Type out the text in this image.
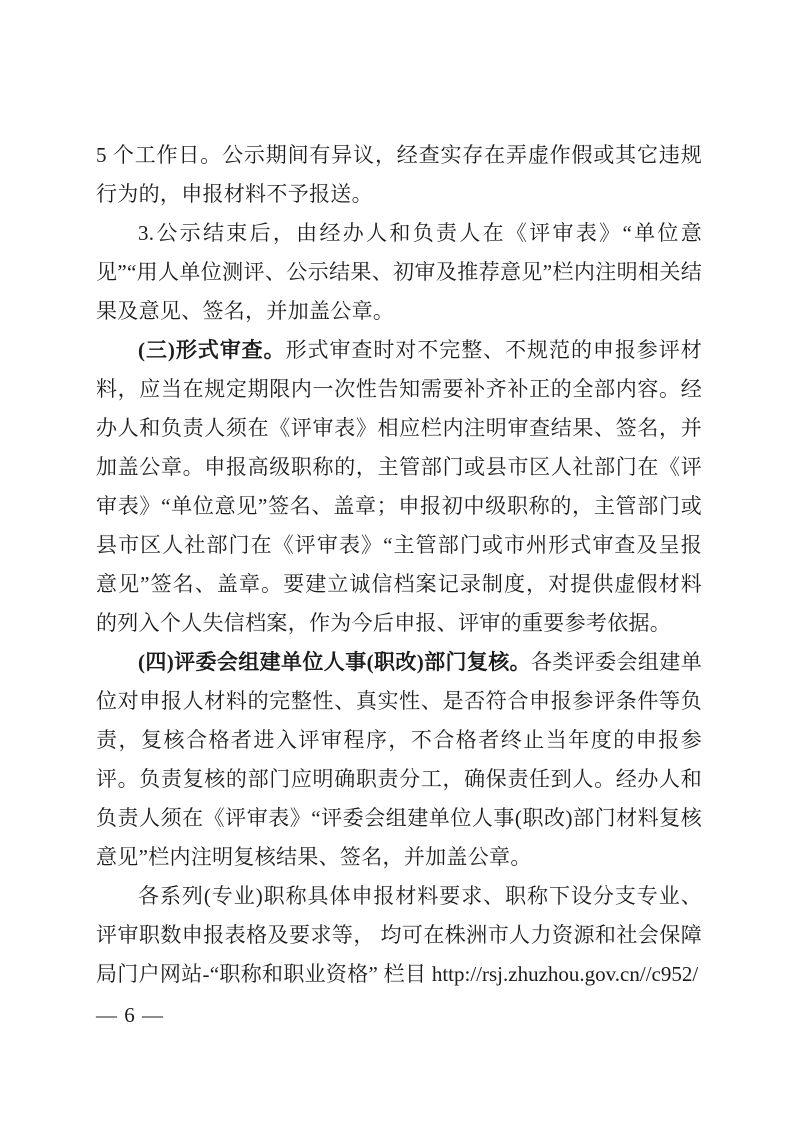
5 个工作日。公示期间有异议，经查实存在弄虚作假或其它违规行为的，申报材料不予报送。

3.公示结束后，由经办人和负责人在《评审表》“单位意见”“用人单位测评、公示结果、初审及推荐意见”栏内注明相关结果及意见、签名，并加盖公章。

(三)形式审查。形式审查时对不完整、不规范的申报参评材料，应当在规定期限内一次性告知需要补齐补正的全部内容。经办人和负责人须在《评审表》相应栏内注明审查结果、签名，并加盖公章。申报高级职称的，主管部门或县市区人社部门在《评审表》“单位意见”签名、盖章；申报初中级职称的，主管部门或县市区人社部门在《评审表》“主管部门或市州形式审查及呈报意见”签名、盖章。要建立诚信档案记录制度，对提供虚假材料的列入个人失信档案，作为今后申报、评审的重要参考依据。

(四)评委会组建单位人事(职改)部门复核。各类评委会组建单位对申报人材料的完整性、真实性、是否符合申报参评条件等负责，复核合格者进入评审程序，不合格者终止当年度的申报参评。负责复核的部门应明确职责分工，确保责任到人。经办人和负责人须在《评审表》“评委会组建单位人事(职改)部门材料复核意见”栏内注明复核结果、签名，并加盖公章。

各系列(专业)职称具体申报材料要求、职称下设分支专业、评审职数申报表格及要求等， 均可在株洲市人力资源和社会保障局门户网站-“职称和职业资格” 栏目 http://rsj.zhuzhou.gov.cn//c952/

— 6 —
